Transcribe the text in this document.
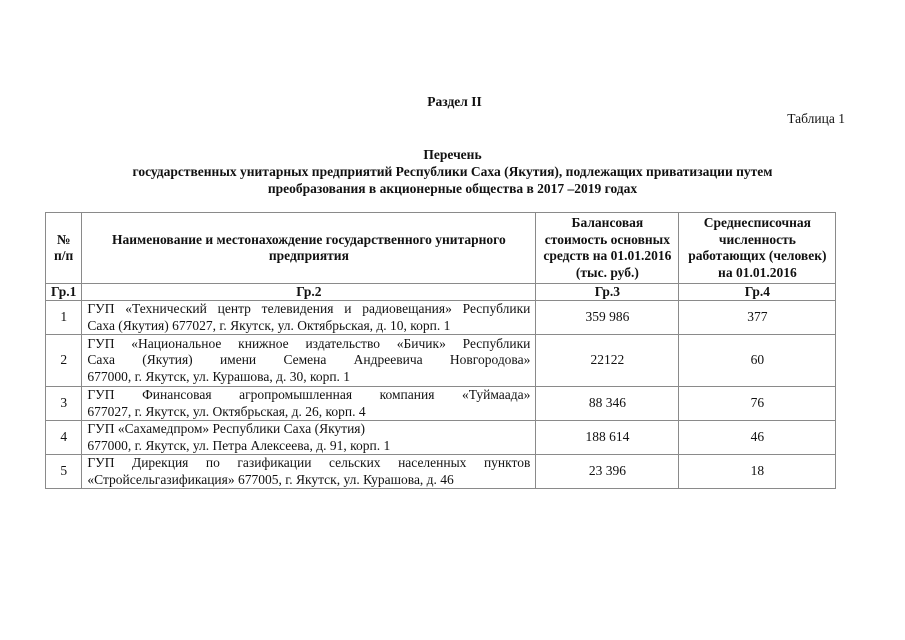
Раздел II
Таблица 1
Перечень
государственных унитарных предприятий Республики Саха (Якутия), подлежащих приватизации путем
преобразования в акционерные общества в 2017 –2019 годах
№ п/п	Наименование и местонахождение государственного унитарного предприятия	Балансовая стоимость основных средств на 01.01.2016 (тыс. руб.)	Среднесписочная численность работающих (человек) на 01.01.2016
Гр.1	Гр.2	Гр.3	Гр.4
1	ГУП «Технический центр телевидения и радиовещания» Республики
Саха (Якутия) 677027, г. Якутск, ул. Октябрьская, д. 10, корп. 1	359 986	377
2	ГУП «Национальное книжное издательство «Бичик» Республики
Саха (Якутия) имени Семена Андреевича Новгородова»
677000, г. Якутск, ул. Курашова, д. 30, корп. 1	22122	60
3	ГУП Финансовая агропромышленная компания «Туймаада»
677027, г. Якутск, ул. Октябрьская, д. 26, корп. 4	88 346	76
4	ГУП «Сахамедпром» Республики Саха (Якутия)
677000, г. Якутск, ул. Петра Алексеева, д. 91, корп. 1	188 614	46
5	ГУП Дирекция по газификации сельских населенных пунктов
«Стройсельгазификация» 677005, г. Якутск, ул. Курашова, д. 46	23 396	18
